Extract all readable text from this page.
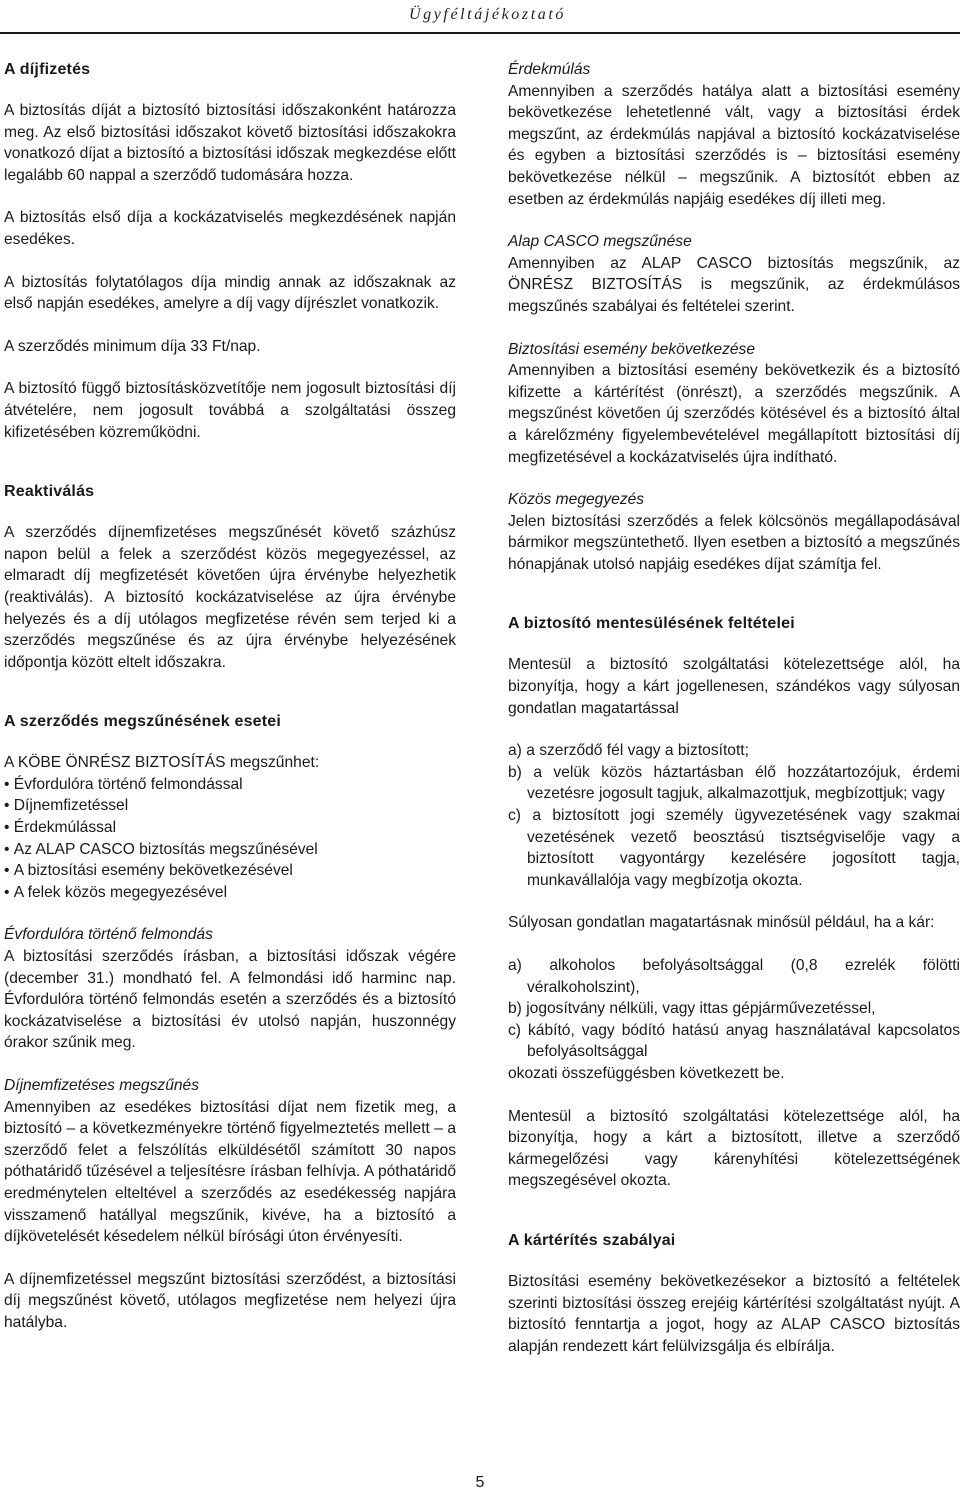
Ügyféltájékoztató
A díjfizetés

A biztosítás díját a biztosító biztosítási időszakonként határozza meg. Az első biztosítási időszakot követő biztosítási időszakokra vonatkozó díjat a biztosító a biztosítási időszak megkezdése előtt legalább 60 nappal a szerződő tudomására hozza.

A biztosítás első díja a kockázatviselés megkezdésének napján esedékes.

A biztosítás folytatólagos díja mindig annak az időszaknak az első napján esedékes, amelyre a díj vagy díjrészlet vonatkozik.

A szerződés minimum díja 33 Ft/nap.

A biztosító függő biztosításközvetítője nem jogosult biztosítási díj átvételére, nem jogosult továbbá a szolgáltatási összeg kifizetésében közreműködni.

Reaktiválás

A szerződés díjnemfizetéses megszűnését követő százhúsz napon belül a felek a szerződést közös megegyezéssel, az elmaradt díj megfizetését követően újra érvénybe helyezhetik (reaktiválás). A biztosító kockázatviselése az újra érvénybe helyezés és a díj utólagos megfizetése révén sem terjed ki a szerződés megszűnése és az újra érvénybe helyezésének időpontja között eltelt időszakra.

A szerződés megszűnésének esetei

A KÖBE ÖNRÉSZ BIZTOSÍTÁS megszűnhet:

• Évfordulóra történő felmondással
• Díjnemfizetéssel
• Érdekmúlással
• Az ALAP CASCO biztosítás megszűnésével
• A biztosítási esemény bekövetkezésével
• A felek közös megegyezésével

Évfordulóra történő felmondás

A biztosítási szerződés írásban, a biztosítási időszak végére (december 31.) mondható fel. A felmondási idő harminc nap. Évfordulóra történő felmondás esetén a szerződés és a biztosító kockázatviselése a biztosítási év utolsó napján, huszonnégy órakor szűnik meg.

Díjnemfizetéses megszűnés

Amennyiben az esedékes biztosítási díjat nem fizetik meg, a biztosító – a következményekre történő figyelmeztetés mellett – a szerződő felet a felszólítás elküldésétől számított 30 napos póthatáridő tűzésével a teljesítésre írásban felhívja. A póthatáridő eredménytelen elteltével a szerződés az esedékesség napjára visszamenő hatállyal megszűnik, kivéve, ha a biztosító a díjkövetelését késedelem nélkül bírósági úton érvényesíti.

A díjnemfizetéssel megszűnt biztosítási szerződést, a biztosítási díj megszűnést követő, utólagos megfizetése nem helyezi újra hatályba.

Érdekmúlás

Amennyiben a szerződés hatálya alatt a biztosítási esemény bekövetkezése lehetetlenné vált, vagy a biztosítási érdek megszűnt, az érdekmúlás napjával a biztosító kockázatviselése és egyben a biztosítási szerződés is – biztosítási esemény bekövetkezése nélkül – megszűnik. A biztosítót ebben az esetben az érdekmúlás napjáig esedékes díj illeti meg.

Alap CASCO megszűnése

Amennyiben az ALAP CASCO biztosítás megszűnik, az ÖNRÉSZ BIZTOSÍTÁS is megszűnik, az érdekmúlásos megszűnés szabályai és feltételei szerint.

Biztosítási esemény bekövetkezése

Amennyiben a biztosítási esemény bekövetkezik és a biztosító kifizette a kártérítést (önrészt), a szerződés megszűnik. A megszűnést követően új szerződés kötésével és a biztosító által a kárelőzmény figyelembevételével megállapított biztosítási díj megfizetésével a kockázatviselés újra indítható.

Közös megegyezés

Jelen biztosítási szerződés a felek kölcsönös megállapodásával bármikor megszüntethető. Ilyen esetben a biztosító a megszűnés hónapjának utolsó napjáig esedékes díjat számítja fel.

A biztosító mentesülésének feltételei

Mentesül a biztosító szolgáltatási kötelezettsége alól, ha bizonyítja, hogy a kárt jogellenesen, szándékos vagy súlyosan gondatlan magatartással

a) a szerződő fél vagy a biztosított;
b) a velük közös háztartásban élő hozzátartozójuk, érdemi vezetésre jogosult tagjuk, alkalmazottjuk, megbízottjuk; vagy
c) a biztosított jogi személy ügyvezetésének vagy szakmai vezetésének vezető beosztású tisztségviselője vagy a biztosított vagyontárgy kezelésére jogosított tagja, munkavállalója vagy megbízotja okozta.

Súlyosan gondatlan magatartásnak minősül például, ha a kár:

a) alkoholos befolyásoltsággal (0,8 ezrelék fölötti véralkoholszint),
b) jogosítvány nélküli, vagy ittas gépjárművezetéssel,
c) kábító, vagy bódító hatású anyag használatával kapcsolatos befolyásoltsággal

okozati összefüggésben következett be.

Mentesül a biztosító szolgáltatási kötelezettsége alól, ha bizonyítja, hogy a kárt a biztosított, illetve a szerződő kármegelőzési vagy kárenyhítési kötelezettségének megszegésével okozta.

A kártérítés szabályai

Biztosítási esemény bekövetkezésekor a biztosító a feltételek szerinti biztosítási összeg erejéig kártérítési szolgáltatást nyújt. A biztosító fenntartja a jogot, hogy az ALAP CASCO biztosítás alapján rendezett kárt felülvizsgálja és elbírálja.

5
